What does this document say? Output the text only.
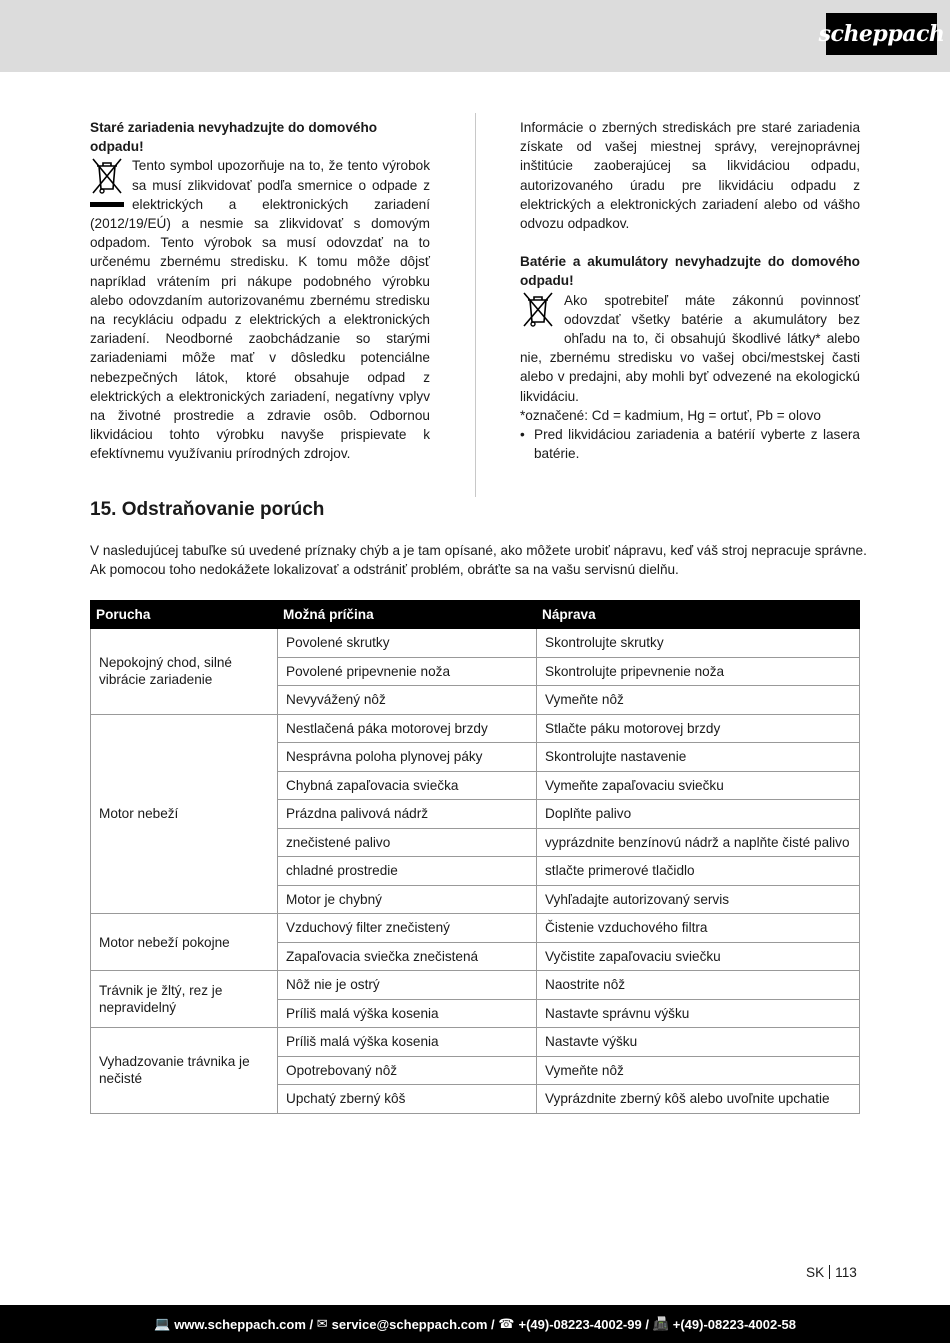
scheppach

Staré zariadenia nevyhadzujte do domového odpadu!

Tento symbol upozorňuje na to, že tento výrobok sa musí zlikvidovať podľa smernice o odpade z elektrických a elektronických zariadení (2012/19/EÚ) a nesmie sa zlikvidovať s domovým odpadom. Tento výrobok sa musí odovzdať na to určenému zbernému stredisku. K tomu môže dôjsť napríklad vrátením pri nákupe podobného výrobku alebo odovzdaním autorizovanému zbernému stredisku na recykláciu odpadu z elektrických a elektronických zariadení. Neodborné zaobchádzanie so starými zariadeniami môže mať v dôsledku potenciálne nebezpečných látok, ktoré obsahuje odpad z elektrických a elektronických zariadení, negatívny vplyv na životné prostredie a zdravie osôb. Odbornou likvidáciou tohto výrobku navyše prispievate k efektívnemu využívaniu prírodných zdrojov.

Informácie o zberných strediskách pre staré zariadenia získate od vašej miestnej správy, verejnoprávnej inštitúcie zaoberajúcej sa likvidáciou odpadu, autorizovaného úradu pre likvidáciu odpadu z elektrických a elektronických zariadení alebo od vášho odvozu odpadkov.

Batérie a akumulátory nevyhadzujte do domového odpadu!

Ako spotrebiteľ máte zákonnú povinnosť odovzdať všetky batérie a akumulátory bez ohľadu na to, či obsahujú škodlivé látky* alebo nie, zbernému stredisku vo vašej obci/mestskej časti alebo v predajni, aby mohli byť odvezené na ekologickú likvidáciu.

*označené: Cd = kadmium, Hg = ortuť, Pb = olovo

• Pred likvidáciou zariadenia a batérií vyberte z lasera batérie.
15. Odstraňovanie porúch

V nasledujúcej tabuľke sú uvedené príznaky chýb a je tam opísané, ako môžete urobiť nápravu, keď váš stroj nepracuje správne. Ak pomocou toho nedokážete lokalizovať a odstrániť problém, obráťte sa na vašu servisnú dielňu.

Porucha	Možná príčina	Náprava
Nepokojný chod, silné vibrácie zariadenie	Povolené skrutky	Skontrolujte skrutky
	Povolené pripevnenie noža	Skontrolujte pripevnenie noža
	Nevyvážený nôž	Vymeňte nôž
Motor nebeží	Nestlačená páka motorovej brzdy	Stlačte páku motorovej brzdy
	Nesprávna poloha plynovej páky	Skontrolujte nastavenie
	Chybná zapaľovacia sviečka	Vymeňte zapaľovaciu sviečku
	Prázdna palivová nádrž	Doplňte palivo
	znečistené palivo	vyprázdnite benzínovú nádrž a naplňte čisté palivo
	chladné prostredie	stlačte primerové tlačidlo
	Motor je chybný	Vyhľadajte autorizovaný servis
Motor nebeží pokojne	Vzduchový filter znečistený	Čistenie vzduchového filtra
	Zapaľovacia sviečka znečistená	Vyčistite zapaľovaciu sviečku
Trávnik je žltý, rez je nepravidelný	Nôž nie je ostrý	Naostrite nôž
	Príliš malá výška kosenia	Nastavte správnu výšku
Vyhadzovanie trávnika je nečisté	Príliš malá výška kosenia	Nastavte výšku
	Opotrebovaný nôž	Vymeňte nôž
	Upchatý zberný kôš	Vyprázdnite zberný kôš alebo uvoľnite upchatie
SK 113
💻 www.scheppach.com /
✉ service@scheppach.com /
☎ +(49)-08223-4002-99 /
📠 +(49)-08223-4002-58
